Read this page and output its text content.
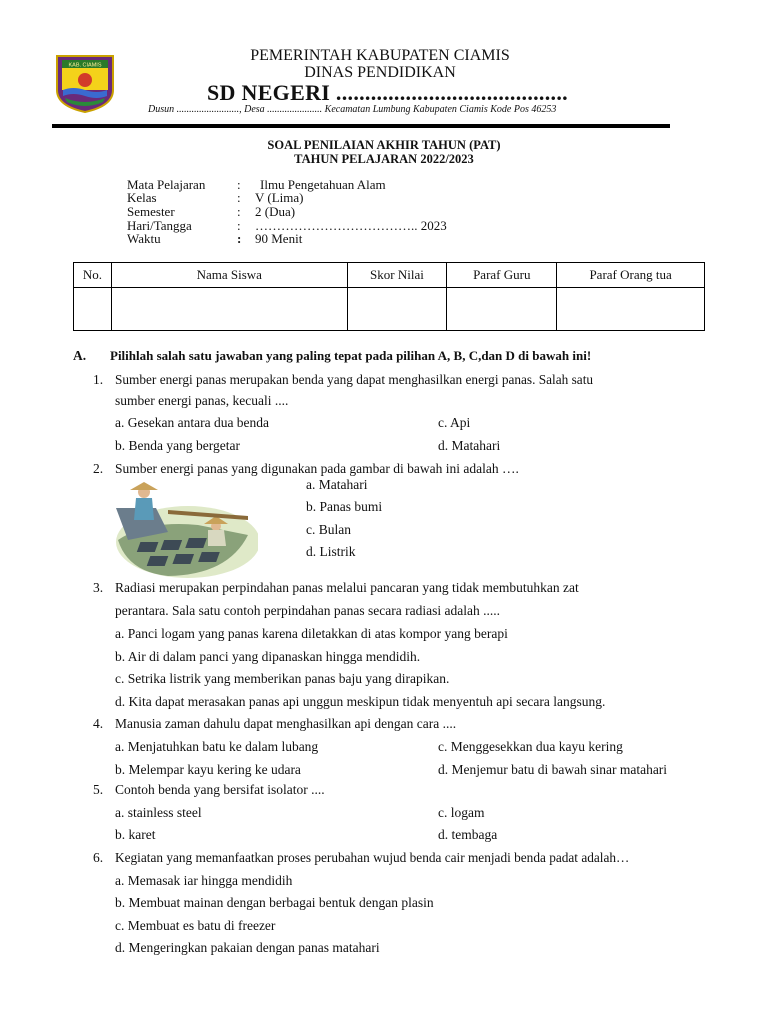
KAB. CIAMIS
PEMERINTAH KABUPATEN CIAMIS
DINAS PENDIDIKAN
SD NEGERI ........................................
Dusun ........................., Desa ...................... Kecamatan Lumbung Kabupaten Ciamis Kode Pos 46253
SOAL PENILAIAN AKHIR TAHUN (PAT)
TAHUN PELAJARAN 2022/2023
Mata Pelajaran : Ilmu Pengetahuan Alam
Kelas	: V (Lima)
Semester	: 2 (Dua)
Hari/Tangga	: ……………………………….. 2023
Waktu	: 90 Menit
No.	Nama Siswa	Skor Nilai	Paraf Guru	Paraf Orang tua

A. Pilihlah salah satu jawaban yang paling tepat pada pilihan A, B, C,dan D di bawah ini!
1. Sumber energi panas merupakan benda yang dapat menghasilkan energi panas. Salah satu
sumber energi panas, kecuali ....
a. Gesekan antara dua benda
b. Benda yang bergetar
c. Api
d. Matahari
2. Sumber energi panas yang digunakan pada gambar di bawah ini adalah ….
a. Matahari
b. Panas bumi
c. Bulan
d. Listrik
3. Radiasi merupakan perpindahan panas melalui pancaran yang tidak membutuhkan zat
perantara. Sala satu contoh perpindahan panas secara radiasi adalah .....
a. Panci logam yang panas karena diletakkan di atas kompor yang berapi
b. Air di dalam panci yang dipanaskan hingga mendidih.
c. Setrika listrik yang memberikan panas baju yang dirapikan.
d. Kita dapat merasakan panas api unggun meskipun tidak menyentuh api secara langsung.
4. Manusia zaman dahulu dapat menghasilkan api dengan cara ....
a. Menjatuhkan batu ke dalam lubang
b. Melempar kayu kering ke udara
c. Menggesekkan dua kayu kering
d. Menjemur batu di bawah sinar matahari
5. Contoh benda yang bersifat isolator ....
a. stainless steel
b. karet
c. logam
d. tembaga
6. Kegiatan yang memanfaatkan proses perubahan wujud benda cair menjadi benda padat adalah…
a. Memasak iar hingga mendidih
b. Membuat mainan dengan berbagai bentuk dengan plasin
c. Membuat es batu di freezer
d. Mengeringkan pakaian dengan panas matahari
